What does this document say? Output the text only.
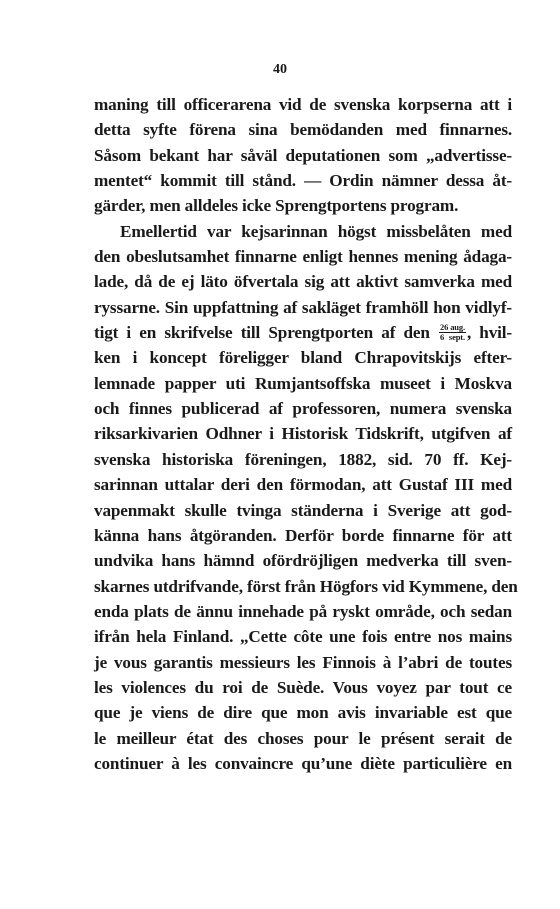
40
maning till officerarena vid de svenska korpserna att i
detta syfte förena sina bemödanden med finnarnes.
Såsom bekant har såväl deputationen som „advertisse-
mentet“ kommit till stånd. — Ordin nämner dessa åt-
gärder, men alldeles icke Sprengtportens program.
Emellertid var kejsarinnan högst missbelåten med
den obeslutsamhet finnarne enligt hennes mening ådaga-
lade, då de ej läto öfvertala sig att aktivt samverka med
ryssarne. Sin uppfattning af sakläget framhöll hon vidlyf-
tigt i en skrifvelse till Sprengtporten af den $\frac{\text{26 aug.}}{\text{6 sept.}}$ , hvil-
ken i koncept föreligger bland Chrapovitskijs efter-
lemnade papper uti Rumjantsoffska museet i Moskva
och finnes publicerad af professoren, numera svenska
riksarkivarien Odhner i Historisk Tidskrift, utgifven af
svenska historiska föreningen, 1882, sid. 70 ff. Kej-
sarinnan uttalar deri den förmodan, att Gustaf III med
vapenmakt skulle tvinga ständerna i Sverige att god-
känna hans åtgöranden. Derför borde finnarne för att
undvika hans hämnd ofördröjligen medverka till sven-
skarnes utdrifvande, först från Högfors vid Kymmene, den
enda plats de ännu innehade på ryskt område, och sedan
ifrån hela Finland. „Cette côte une fois entre nos mains
je vous garantis messieurs les Finnois à l’abri de toutes
les violences du roi de Suède. Vous voyez par tout ce
que je viens de dire que mon avis invariable est que
le meilleur état des choses pour le présent serait de
continuer à les convaincre qu’une diète particulière en
